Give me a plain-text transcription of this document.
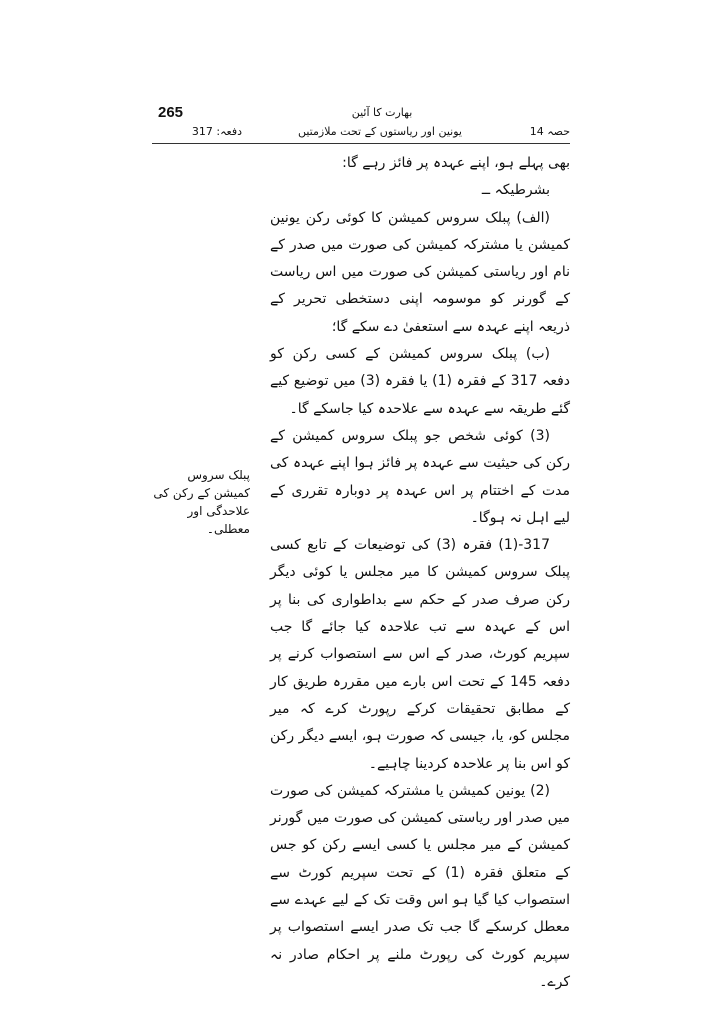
265	بھارت کا آئین
دفعہ: 317	یونین اور ریاستوں کے تحت ملازمتیں	حصہ 14

بھی پہلے ہو، اپنے عہدہ پر فائز رہے گا:

بشرطیکہ ــ

(الف) پبلک سروس کمیشن کا کوئی رکن یونین کمیشن یا مشترکہ کمیشن کی صورت میں صدر کے نام اور ریاستی کمیشن کی صورت میں اس ریاست کے گورنر کو موسومہ اپنی دستخطی تحریر کے ذریعہ اپنے عہدہ سے استعفیٰ دے سکے گا؛

(ب) پبلک سروس کمیشن کے کسی رکن کو دفعہ 317 کے فقرہ (1) یا فقرہ (3) میں توضیع کیے گئے طریقہ سے عہدہ سے علاحدہ کیا جاسکے گا۔

(3) کوئی شخص جو پبلک سروس کمیشن کے رکن کی حیثیت سے عہدہ پر فائز ہوا اپنے عہدہ کی مدت کے اختتام پر اس عہدہ پر دوبارہ تقرری کے لیے اہل نہ ہوگا۔

317-(1) فقرہ (3) کی توضیعات کے تابع کسی پبلک سروس کمیشن کا میر مجلس یا کوئی دیگر رکن صرف صدر کے حکم سے بداطواری کی بنا پر اس کے عہدہ سے تب علاحدہ کیا جائے گا جب سپریم کورٹ، صدر کے اس سے استصواب کرنے پر دفعہ 145 کے تحت اس بارے میں مقررہ طریق کار کے مطابق تحقیقات کرکے رپورٹ کرے کہ میر مجلس کو، یا، جیسی کہ صورت ہو، ایسے دیگر رکن کو اس بنا پر علاحدہ کردینا چاہیے۔

(2) یونین کمیشن یا مشترکہ کمیشن کی صورت میں صدر اور ریاستی کمیشن کی صورت میں گورنر کمیشن کے میر مجلس یا کسی ایسے رکن کو جس کے متعلق فقرہ (1) کے تحت سپریم کورٹ سے استصواب کیا گیا ہو اس وقت تک کے لیے عہدے سے معطل کرسکے گا جب تک صدر ایسے استصواب پر سپریم کورٹ کی رپورٹ ملنے پر احکام صادر نہ کرے۔

پبلک سروس کمیشن کے رکن کی علاحدگی اور معطلی۔
